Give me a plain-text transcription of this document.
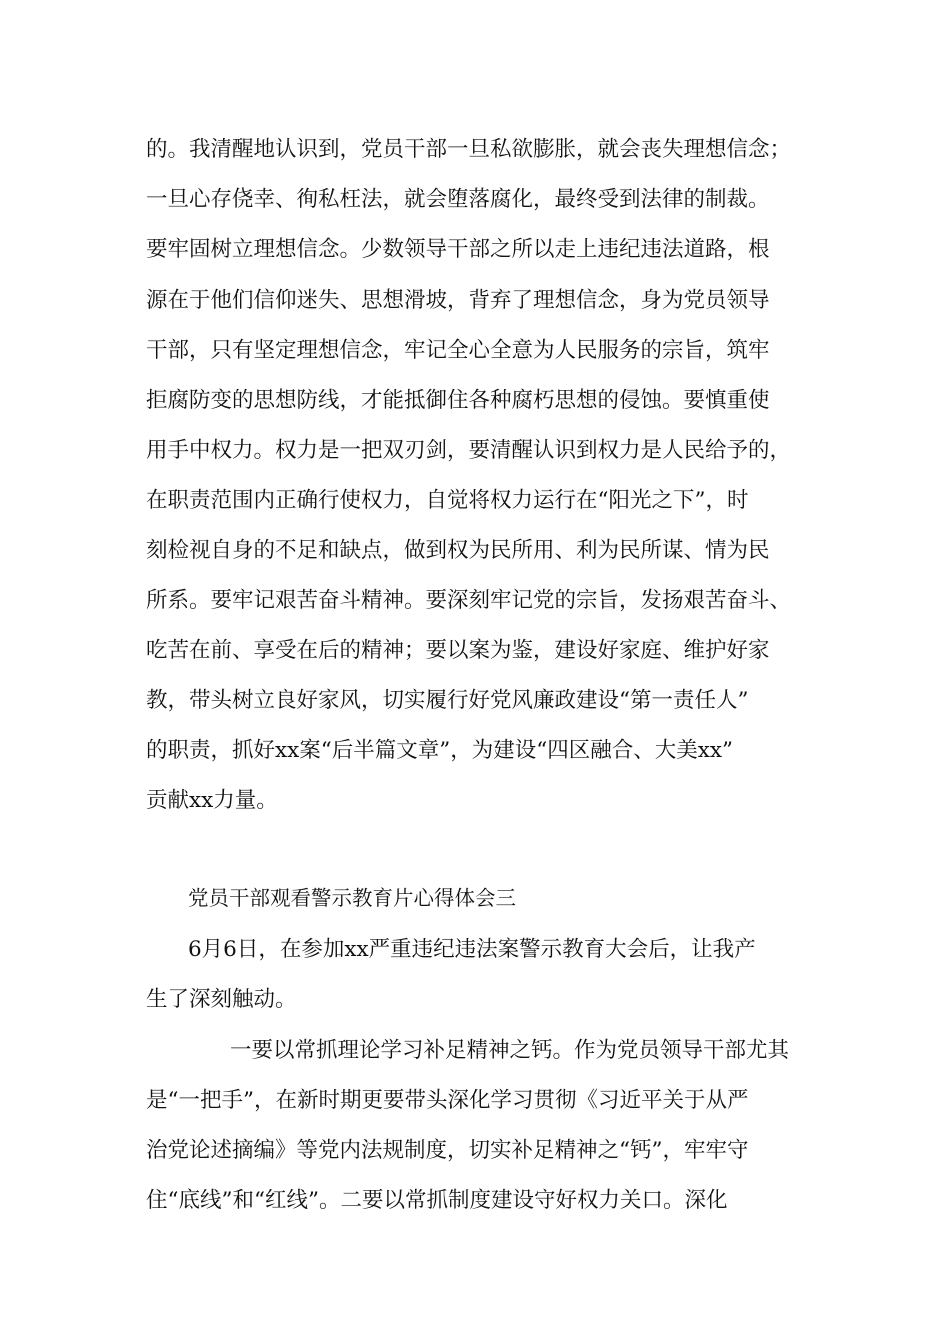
的。我清醒地认识到，党员干部一旦私欲膨胀，就会丧失理想信念；
一旦心存侥幸、徇私枉法，就会堕落腐化，最终受到法律的制裁。
要牢固树立理想信念。少数领导干部之所以走上违纪违法道路，根
源在于他们信仰迷失、思想滑坡，背弃了理想信念，身为党员领导
干部，只有坚定理想信念，牢记全心全意为人民服务的宗旨，筑牢
拒腐防变的思想防线，才能抵御住各种腐朽思想的侵蚀。要慎重使
用手中权力。权力是一把双刃剑，要清醒认识到权力是人民给予的，
在职责范围内正确行使权力，自觉将权力运行在“阳光之下”，时
刻检视自身的不足和缺点，做到权为民所用、利为民所谋、情为民
所系。要牢记艰苦奋斗精神。要深刻牢记党的宗旨，发扬艰苦奋斗、
吃苦在前、享受在后的精神；要以案为鉴，建设好家庭、维护好家
教，带头树立良好家风，切实履行好党风廉政建设“第一责任人”
的职责，抓好xx案“后半篇文章”，为建设“四区融合、大美xx”
贡献xx力量。
党员干部观看警示教育片心得体会三
6月6日，在参加xx严重违纪违法案警示教育大会后，让我产
生了深刻触动。
一要以常抓理论学习补足精神之钙。作为党员领导干部尤其
是“一把手”，在新时期更要带头深化学习贯彻《习近平关于从严
治党论述摘编》等党内法规制度，切实补足精神之“钙”，牢牢守
住“底线”和“红线”。二要以常抓制度建设守好权力关口。深化
